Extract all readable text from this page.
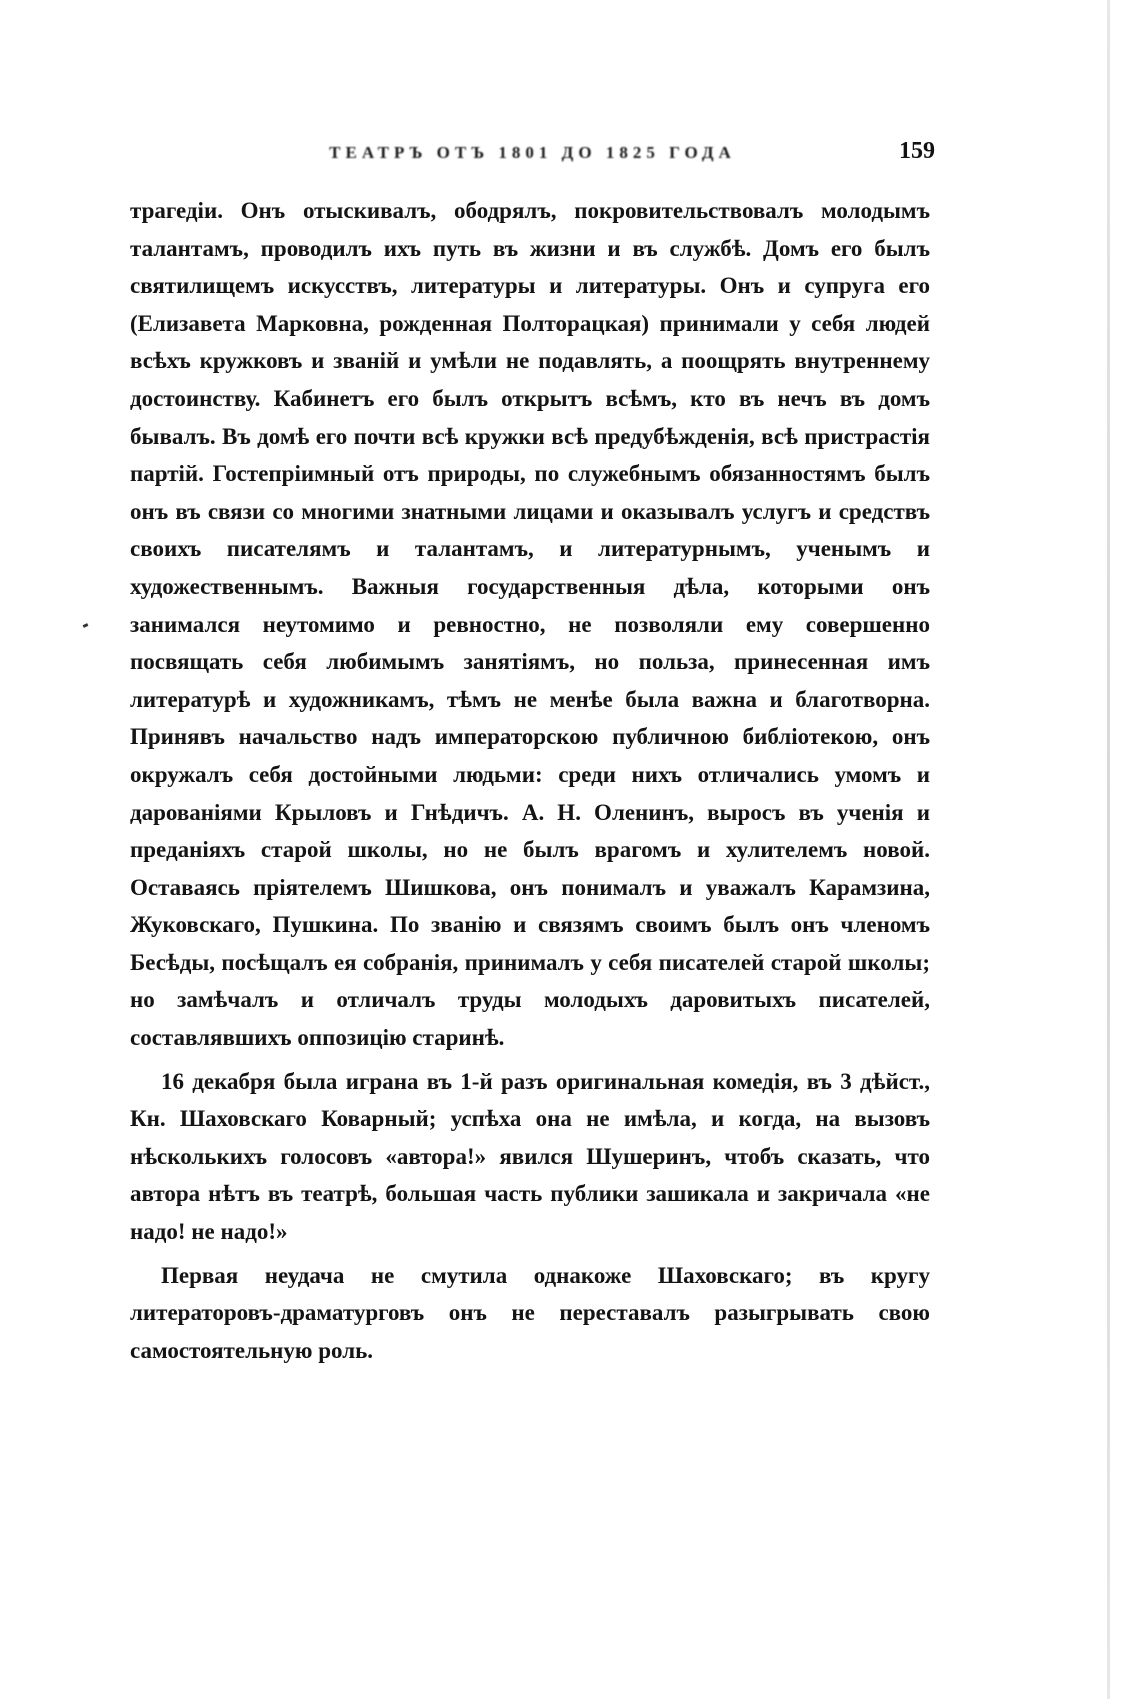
ТЕАТРЪ ОТЪ 1801 ДО 1825 ГОДА	159

трагедіи. Онъ отыскивалъ, ободрялъ, покровительствовалъ молодымъ талантамъ, проводилъ ихъ путь въ жизни и въ службѣ. Домъ его былъ святилищемъ искусствъ, литературы и литературы. Онъ и супруга его (Елизавета Марковна, рожденная Полторацкая) принимали у себя людей всѣхъ кружковъ и званій и умѣли не подавлять, а поощрять внутреннему достоинству. Кабинетъ его былъ открытъ всѣмъ, кто въ нечъ въ домъ бывалъ. Въ домѣ его почти всѣ кружки всѣ предубѣжденія, всѣ пристрастія партій. Гостепріимный отъ природы, по служебнымъ обязанностямъ былъ онъ въ связи со многими знатными лицами и оказывалъ услугъ и средствъ своихъ писателямъ и талантамъ, и литературнымъ, ученымъ и художественнымъ. Важныя государственныя дѣла, которыми онъ занимался неутомимо и ревностно, не позволяли ему совершенно посвящать себя любимымъ занятіямъ, но польза, принесенная имъ литературѣ и художникамъ, тѣмъ не менѣе была важна и благотворна. Принявъ начальство надъ императорскою публичною библіотекою, онъ окружалъ себя достойными людьми: среди нихъ отличались умомъ и дарованіями Крыловъ и Гнѣдичъ. А. Н. Оленинъ, выросъ въ ученія и преданіяхъ старой школы, но не былъ врагомъ и хулителемъ новой. Оставаясь пріятелемъ Шишкова, онъ понималъ и уважалъ Карамзина, Жуковскаго, Пушкина. По званію и связямъ своимъ былъ онъ членомъ Бесѣды, посѣщалъ ея собранія, принималъ у себя писателей старой школы; но замѣчалъ и отличалъ труды молодыхъ даровитыхъ писателей, составлявшихъ оппозицію старинѣ.

16 декабря была играна въ 1-й разъ оригинальная комедія, въ 3 дѣйст., Кн. Шаховскаго Коварный; успѣха она не имѣла, и когда, на вызовъ нѣсколькихъ голосовъ «автора!» явился Шушеринъ, чтобъ сказать, что автора нѣтъ въ театрѣ, большая часть публики зашикала и закричала «не надо! не надо!»

Первая неудача не смутила однакоже Шаховскаго; въ кругу литераторовъ-драматурговъ онъ не переставалъ разыгрывать свою самостоятельную роль.
